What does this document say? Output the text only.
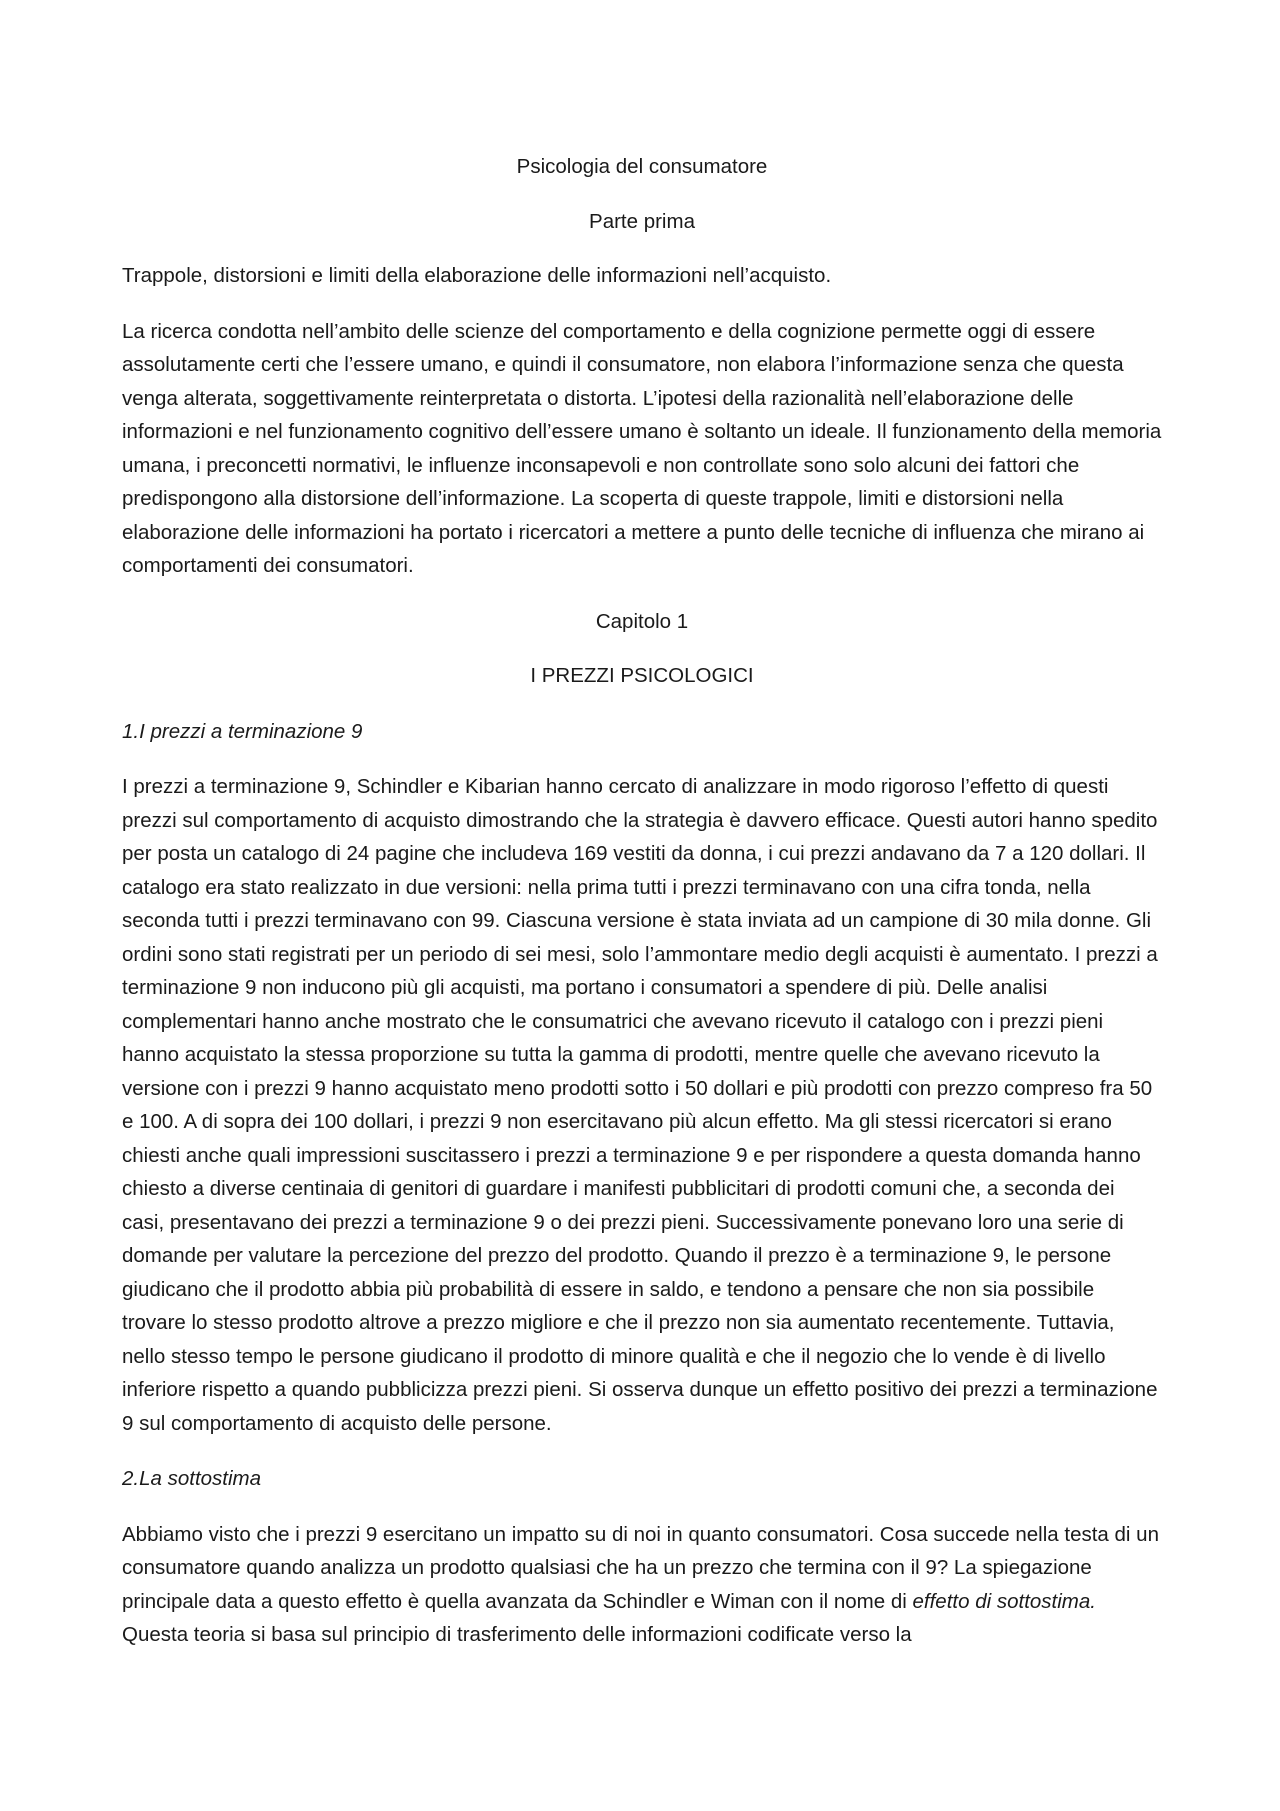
Psicologia del consumatore

Parte prima

Trappole, distorsioni e limiti della elaborazione delle informazioni nell’acquisto.

La ricerca condotta nell’ambito delle scienze del comportamento e della cognizione permette oggi di essere assolutamente certi che l’essere umano, e quindi il consumatore, non elabora l’informazione senza che questa venga alterata, soggettivamente reinterpretata o distorta. L’ipotesi della razionalità nell’elaborazione delle informazioni e nel funzionamento cognitivo dell’essere umano è soltanto un ideale. Il funzionamento della memoria umana, i preconcetti normativi, le influenze inconsapevoli e non controllate sono solo alcuni dei fattori che predispongono alla distorsione dell’informazione. La scoperta di queste trappole, limiti e distorsioni nella elaborazione delle informazioni ha portato i ricercatori a mettere a punto delle tecniche di influenza che mirano ai comportamenti dei consumatori.

Capitolo 1

I PREZZI PSICOLOGICI

1.I prezzi a terminazione 9

I prezzi a terminazione 9, Schindler e Kibarian hanno cercato di analizzare in modo rigoroso l’effetto di questi prezzi sul comportamento di acquisto dimostrando che la strategia è davvero efficace. Questi autori hanno spedito per posta un catalogo di 24 pagine che includeva 169 vestiti da donna, i cui prezzi andavano da 7 a 120 dollari. Il catalogo era stato realizzato in due versioni: nella prima tutti i prezzi terminavano con una cifra tonda, nella seconda tutti i prezzi terminavano con 99. Ciascuna versione è stata inviata ad un campione di 30 mila donne. Gli ordini sono stati registrati per un periodo di sei mesi, solo l’ammontare medio degli acquisti è aumentato. I prezzi a terminazione 9 non inducono più gli acquisti, ma portano i consumatori a spendere di più. Delle analisi complementari hanno anche mostrato che le consumatrici che avevano ricevuto il catalogo con i prezzi pieni hanno acquistato la stessa proporzione su tutta la gamma di prodotti, mentre quelle che avevano ricevuto la versione con i prezzi 9 hanno acquistato meno prodotti sotto i 50 dollari e più prodotti con prezzo compreso fra 50 e 100. A di sopra dei 100 dollari, i prezzi 9 non esercitavano più alcun effetto. Ma gli stessi ricercatori si erano chiesti anche quali impressioni suscitassero i prezzi a terminazione 9 e per rispondere a questa domanda hanno chiesto a diverse centinaia di genitori di guardare i manifesti pubblicitari di prodotti comuni che, a seconda dei casi, presentavano dei prezzi a terminazione 9 o dei prezzi pieni. Successivamente ponevano loro una serie di domande per valutare la percezione del prezzo del prodotto. Quando il prezzo è a terminazione 9, le persone giudicano che il prodotto abbia più probabilità di essere in saldo, e tendono a pensare che non sia possibile trovare lo stesso prodotto altrove a prezzo migliore e che il prezzo non sia aumentato recentemente. Tuttavia, nello stesso tempo le persone giudicano il prodotto di minore qualità e che il negozio che lo vende è di livello inferiore rispetto a quando pubblicizza prezzi pieni. Si osserva dunque un effetto positivo dei prezzi a terminazione 9 sul comportamento di acquisto delle persone.

2.La sottostima

Abbiamo visto che i prezzi 9 esercitano un impatto su di noi in quanto consumatori. Cosa succede nella testa di un consumatore quando analizza un prodotto qualsiasi che ha un prezzo che termina con il 9? La spiegazione principale data a questo effetto è quella avanzata da Schindler e Wiman con il nome di effetto di sottostima. Questa teoria si basa sul principio di trasferimento delle informazioni codificate verso la
